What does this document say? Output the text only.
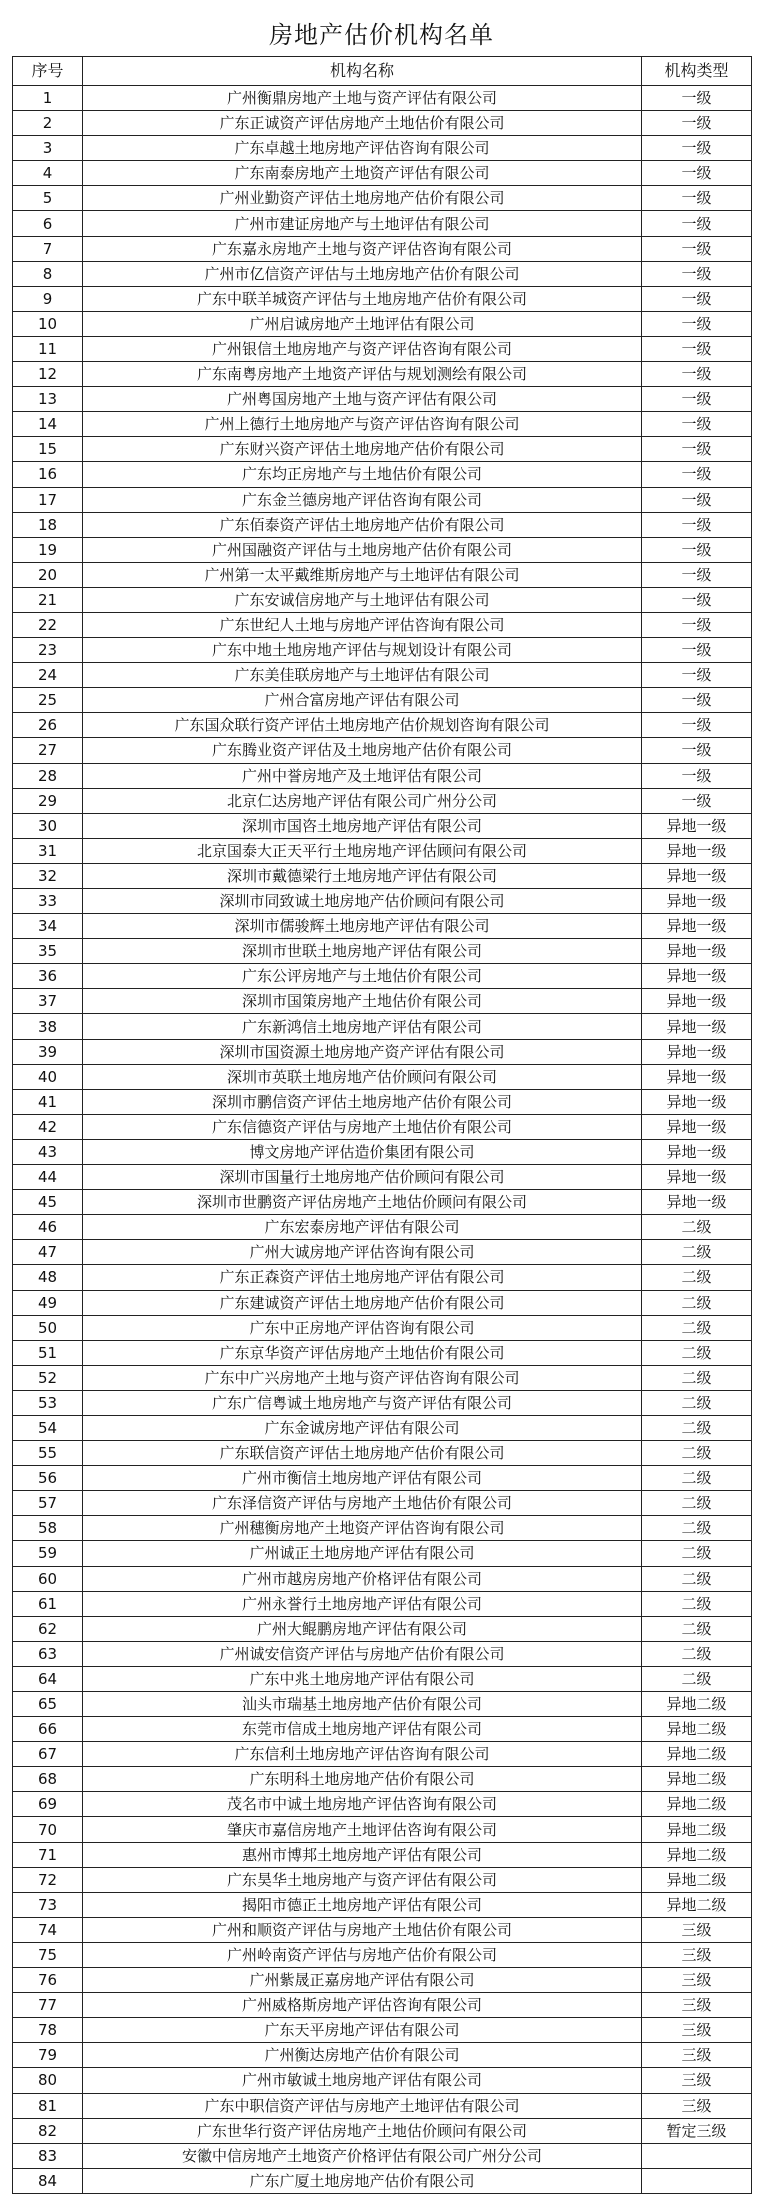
房地产估价机构名单
序号	机构名称	机构类型
1	广州衡鼎房地产土地与资产评估有限公司	一级
2	广东正诚资产评估房地产土地估价有限公司	一级
3	广东卓越土地房地产评估咨询有限公司	一级
4	广东南泰房地产土地资产评估有限公司	一级
5	广州业勤资产评估土地房地产估价有限公司	一级
6	广州市建证房地产与土地评估有限公司	一级
7	广东嘉永房地产土地与资产评估咨询有限公司	一级
8	广州市亿信资产评估与土地房地产估价有限公司	一级
9	广东中联羊城资产评估与土地房地产估价有限公司	一级
10	广州启诚房地产土地评估有限公司	一级
11	广州银信土地房地产与资产评估咨询有限公司	一级
12	广东南粤房地产土地资产评估与规划测绘有限公司	一级
13	广州粤国房地产土地与资产评估有限公司	一级
14	广州上德行土地房地产与资产评估咨询有限公司	一级
15	广东财兴资产评估土地房地产估价有限公司	一级
16	广东均正房地产与土地估价有限公司	一级
17	广东金兰德房地产评估咨询有限公司	一级
18	广东佰泰资产评估土地房地产估价有限公司	一级
19	广州国融资产评估与土地房地产估价有限公司	一级
20	广州第一太平戴维斯房地产与土地评估有限公司	一级
21	广东安诚信房地产与土地评估有限公司	一级
22	广东世纪人土地与房地产评估咨询有限公司	一级
23	广东中地土地房地产评估与规划设计有限公司	一级
24	广东美佳联房地产与土地评估有限公司	一级
25	广州合富房地产评估有限公司	一级
26	广东国众联行资产评估土地房地产估价规划咨询有限公司	一级
27	广东腾业资产评估及土地房地产估价有限公司	一级
28	广州中誉房地产及土地评估有限公司	一级
29	北京仁达房地产评估有限公司广州分公司	一级
30	深圳市国咨土地房地产评估有限公司	异地一级
31	北京国泰大正天平行土地房地产评估顾问有限公司	异地一级
32	深圳市戴德梁行土地房地产评估有限公司	异地一级
33	深圳市同致诚土地房地产估价顾问有限公司	异地一级
34	深圳市儒骏辉土地房地产评估有限公司	异地一级
35	深圳市世联土地房地产评估有限公司	异地一级
36	广东公评房地产与土地估价有限公司	异地一级
37	深圳市国策房地产土地估价有限公司	异地一级
38	广东新鸿信土地房地产评估有限公司	异地一级
39	深圳市国资源土地房地产资产评估有限公司	异地一级
40	深圳市英联土地房地产估价顾问有限公司	异地一级
41	深圳市鹏信资产评估土地房地产估价有限公司	异地一级
42	广东信德资产评估与房地产土地估价有限公司	异地一级
43	博文房地产评估造价集团有限公司	异地一级
44	深圳市国量行土地房地产估价顾问有限公司	异地一级
45	深圳市世鹏资产评估房地产土地估价顾问有限公司	异地一级
46	广东宏泰房地产评估有限公司	二级
47	广州大诚房地产评估咨询有限公司	二级
48	广东正森资产评估土地房地产评估有限公司	二级
49	广东建诚资产评估土地房地产估价有限公司	二级
50	广东中正房地产评估咨询有限公司	二级
51	广东京华资产评估房地产土地估价有限公司	二级
52	广东中广兴房地产土地与资产评估咨询有限公司	二级
53	广东广信粤诚土地房地产与资产评估有限公司	二级
54	广东金诚房地产评估有限公司	二级
55	广东联信资产评估土地房地产估价有限公司	二级
56	广州市衡信土地房地产评估有限公司	二级
57	广东泽信资产评估与房地产土地估价有限公司	二级
58	广州穗衡房地产土地资产评估咨询有限公司	二级
59	广州诚正土地房地产评估有限公司	二级
60	广州市越房房地产价格评估有限公司	二级
61	广州永誉行土地房地产评估有限公司	二级
62	广州大鲲鹏房地产评估有限公司	二级
63	广州诚安信资产评估与房地产估价有限公司	二级
64	广东中兆土地房地产评估有限公司	二级
65	汕头市瑞基土地房地产估价有限公司	异地二级
66	东莞市信成土地房地产评估有限公司	异地二级
67	广东信利土地房地产评估咨询有限公司	异地二级
68	广东明科土地房地产估价有限公司	异地二级
69	茂名市中诚土地房地产评估咨询有限公司	异地二级
70	肇庆市嘉信房地产土地评估咨询有限公司	异地二级
71	惠州市博邦土地房地产评估有限公司	异地二级
72	广东昊华土地房地产与资产评估有限公司	异地二级
73	揭阳市德正土地房地产评估有限公司	异地二级
74	广州和顺资产评估与房地产土地估价有限公司	三级
75	广州岭南资产评估与房地产估价有限公司	三级
76	广州紫晟正嘉房地产评估有限公司	三级
77	广州威格斯房地产评估咨询有限公司	三级
78	广东天平房地产评估有限公司	三级
79	广州衡达房地产估价有限公司	三级
80	广州市敏诚土地房地产评估有限公司	三级
81	广东中职信资产评估与房地产土地评估有限公司	三级
82	广东世华行资产评估房地产土地估价顾问有限公司	暂定三级
83	安徽中信房地产土地资产价格评估有限公司广州分公司	
84	广东广厦土地房地产估价有限公司	
